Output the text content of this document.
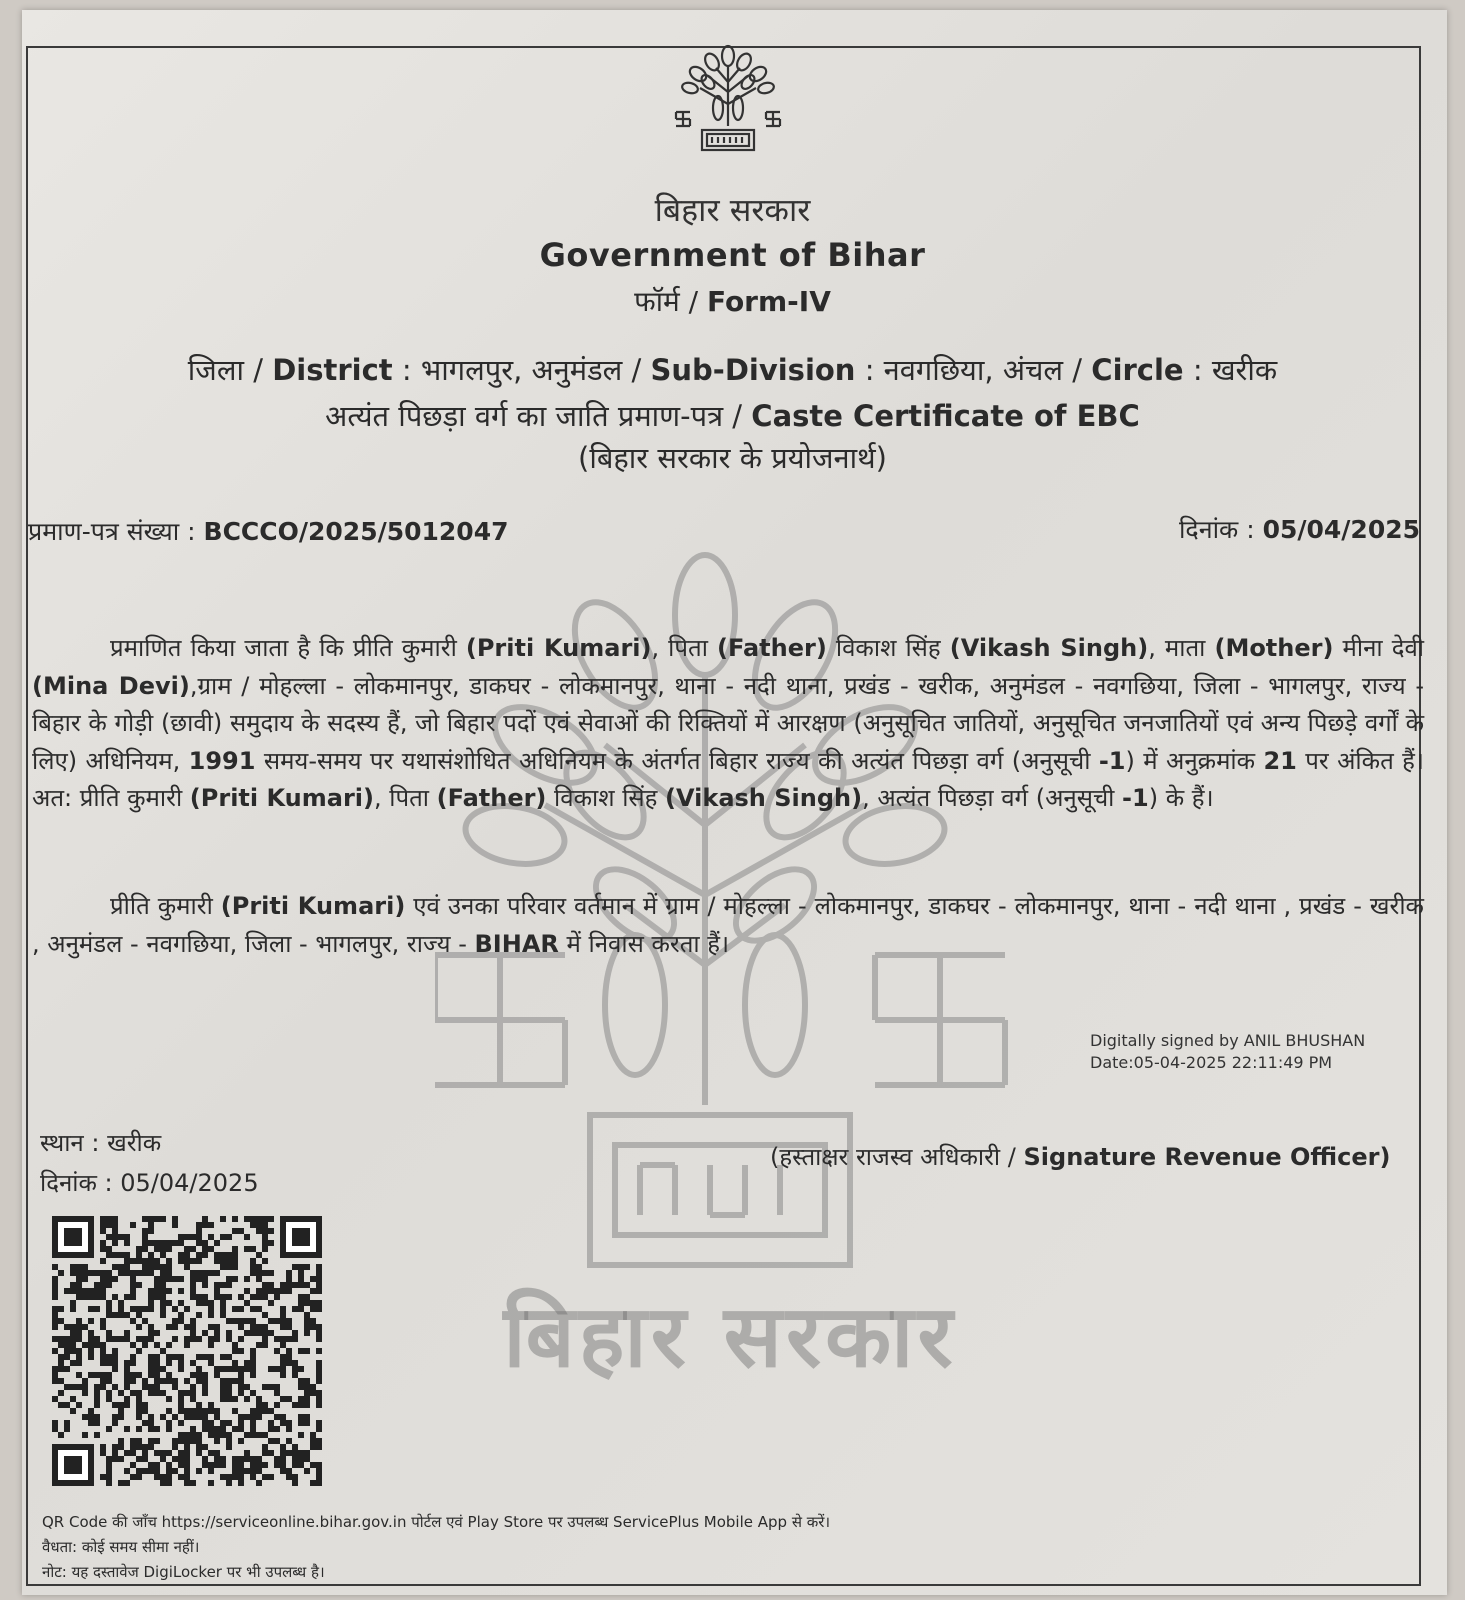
बिहार सरकार
बिहार सरकार
Government of Bihar
फॉर्म / Form-IV
जिला / District : भागलपुर, अनुमंडल / Sub-Division : नवगछिया, अंचल / Circle : खरीक
अत्यंत पिछड़ा वर्ग का जाति प्रमाण-पत्र / Caste Certificate of EBC
(बिहार सरकार के प्रयोजनार्थ)
प्रमाण-पत्र संख्या : BCCCO/2025/5012047	दिनांक : 05/04/2025
प्रमाणित किया जाता है कि प्रीति कुमारी (Priti Kumari), पिता (Father) विकाश सिंह (Vikash Singh), माता (Mother) मीना देवी (Mina Devi),ग्राम / मोहल्ला - लोकमानपुर, डाकघर - लोकमानपुर, थाना - नदी थाना, प्रखंड - खरीक, अनुमंडल - नवगछिया, जिला - भागलपुर, राज्य - बिहार के गोड़ी (छावी) समुदाय के सदस्य हैं, जो बिहार पदों एवं सेवाओं की रिक्तियों में आरक्षण (अनुसूचित जातियों, अनुसूचित जनजातियों एवं अन्य पिछड़े वर्गों के लिए) अधिनियम, 1991 समय-समय पर यथासंशोधित अधिनियम के अंतर्गत बिहार राज्य की अत्यंत पिछड़ा वर्ग (अनुसूची -1) में अनुक्रमांक 21 पर अंकित हैं। अत: प्रीति कुमारी (Priti Kumari), पिता (Father) विकाश सिंह (Vikash Singh), अत्यंत पिछड़ा वर्ग (अनुसूची -1) के हैं।
प्रीति कुमारी (Priti Kumari) एवं उनका परिवार वर्तमान में ग्राम / मोहल्ला - लोकमानपुर, डाकघर - लोकमानपुर, थाना - नदी थाना , प्रखंड - खरीक , अनुमंडल - नवगछिया, जिला - भागलपुर, राज्य - BIHAR में निवास करता हैं।
Digitally signed by ANIL BHUSHAN
Date:05-04-2025 22:11:49 PM
स्थान : खरीक
दिनांक : 05/04/2025
(हस्ताक्षर राजस्व अधिकारी / Signature Revenue Officer)
QR Code की जाँच https://serviceonline.bihar.gov.in पोर्टल एवं Play Store पर उपलब्ध ServicePlus Mobile App से करें।
वैधता: कोई समय सीमा नहीं।
नोट: यह दस्तावेज DigiLocker पर भी उपलब्ध है।
